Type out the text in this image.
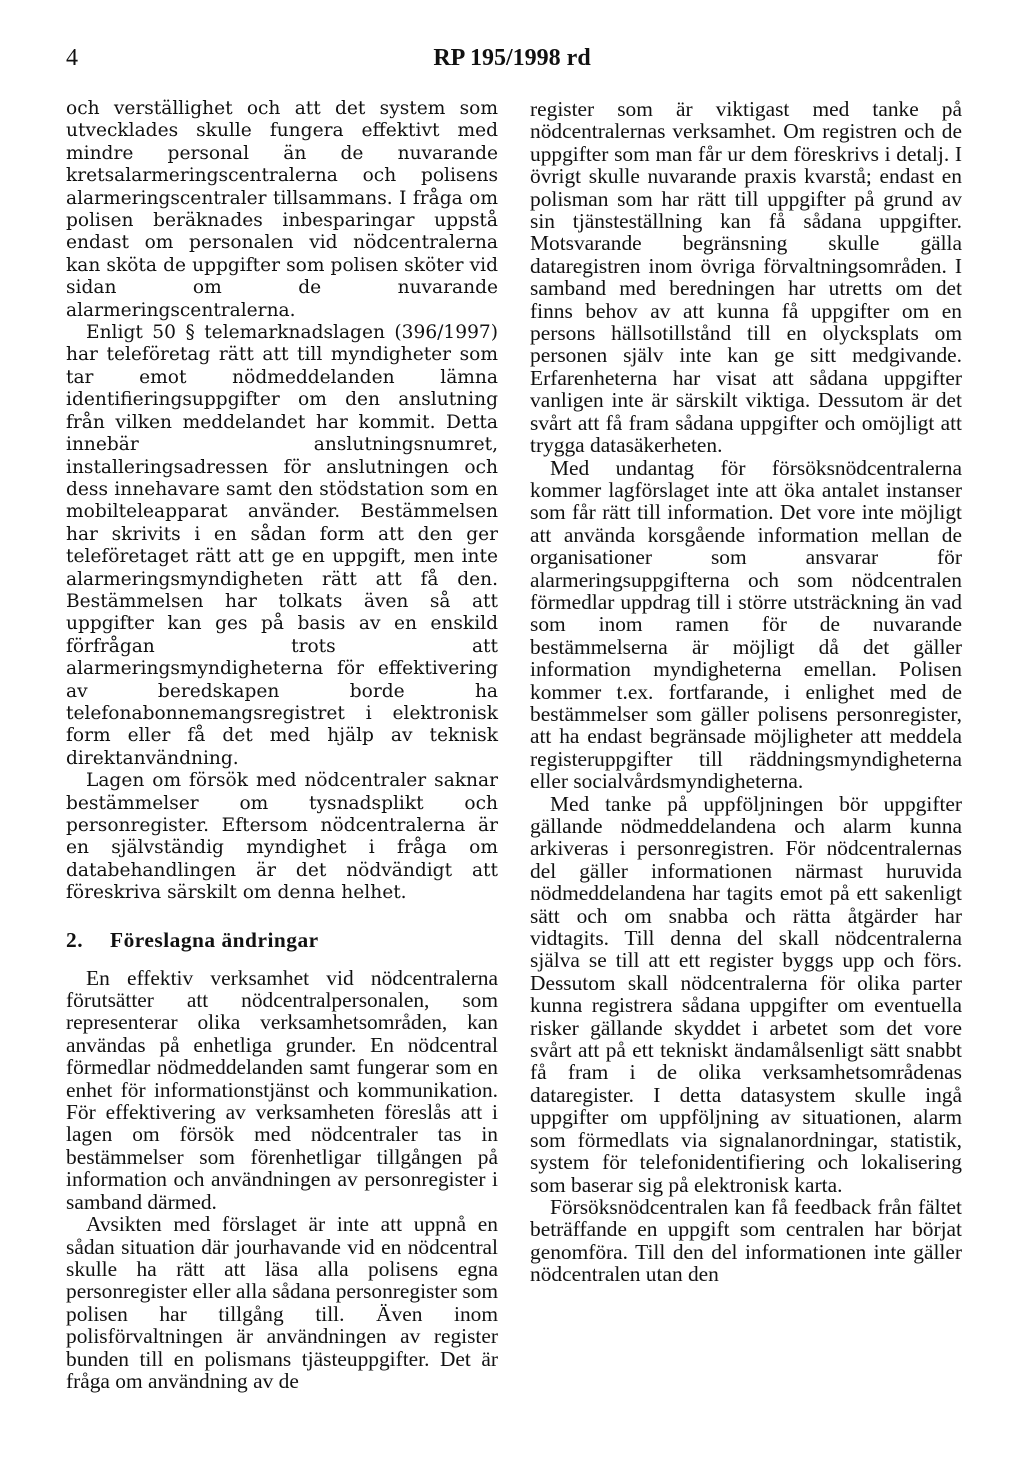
4	RP 195/1998 rd

och verställighet och att det system som utvecklades skulle fungera effektivt med mindre personal än de nuvarande kretsalarmeringscentralerna och polisens alarmeringscentraler tillsammans. I fråga om polisen beräknades inbesparingar uppstå endast om personalen vid nödcentralerna kan sköta de uppgifter som polisen sköter vid sidan om de nuvarande alarmeringscentralerna.

Enligt 50 § telemarknadslagen (396/1997) har teleföretag rätt att till myndigheter som tar emot nödmeddelanden lämna identifieringsuppgifter om den anslutning från vilken meddelandet har kommit. Detta innebär anslutningsnumret, installeringsadressen för anslutningen och dess innehavare samt den stödstation som en mobilteleapparat använder. Bestämmelsen har skrivits i en sådan form att den ger teleföretaget rätt att ge en uppgift, men inte alarmeringsmyndigheten rätt att få den. Bestämmelsen har tolkats även så att uppgifter kan ges på basis av en enskild förfrågan trots att alarmeringsmyndigheterna för effektivering av beredskapen borde ha telefonabonnemangsregistret i elektronisk form eller få det med hjälp av teknisk direktanvändning.

Lagen om försök med nödcentraler saknar bestämmelser om tysnadsplikt och personregister. Eftersom nödcentralerna är en självständig myndighet i fråga om databehandlingen är det nödvändigt att föreskriva särskilt om denna helhet.

2.	Föreslagna ändringar

En effektiv verksamhet vid nödcentralerna förutsätter att nödcentralpersonalen, som representerar olika verksamhetsområden, kan användas på enhetliga grunder. En nödcentral förmedlar nödmeddelanden samt fungerar som en enhet för informationstjänst och kommunikation. För effektivering av verksamheten föreslås att i lagen om försök med nödcentraler tas in bestämmelser som förenhetligar tillgången på information och användningen av personregister i samband därmed.

Avsikten med förslaget är inte att uppnå en sådan situation där jourhavande vid en nödcentral skulle ha rätt att läsa alla polisens egna personregister eller alla sådana personregister som polisen har tillgång till. Även inom polisförvaltningen är användningen av register bunden till en polismans tjästeuppgifter. Det är fråga om användning av de

register som är viktigast med tanke på nödcentralernas verksamhet. Om registren och de uppgifter som man får ur dem föreskrivs i detalj. I övrigt skulle nuvarande praxis kvarstå; endast en polisman som har rätt till uppgifter på grund av sin tjänsteställning kan få sådana uppgifter. Motsvarande begränsning skulle gälla dataregistren inom övriga förvaltningsområden. I samband med beredningen har utretts om det finns behov av att kunna få uppgifter om en persons hällsotillstånd till en olycksplats om personen själv inte kan ge sitt medgivande. Erfarenheterna har visat att sådana uppgifter vanligen inte är särskilt viktiga. Dessutom är det svårt att få fram sådana uppgifter och omöjligt att trygga datasäkerheten.

Med undantag för försöksnödcentralerna kommer lagförslaget inte att öka antalet instanser som får rätt till information. Det vore inte möjligt att använda korsgående information mellan de organisationer som ansvarar för alarmeringsuppgifterna och som nödcentralen förmedlar uppdrag till i större utsträckning än vad som inom ramen för de nuvarande bestämmelserna är möjligt då det gäller information myndigheterna emellan. Polisen kommer t.ex. fortfarande, i enlighet med de bestämmelser som gäller polisens personregister, att ha endast begränsade möjligheter att meddela registeruppgifter till räddningsmyndigheterna eller socialvårdsmyndigheterna.

Med tanke på uppföljningen bör uppgifter gällande nödmeddelandena och alarm kunna arkiveras i personregistren. För nödcentralernas del gäller informationen närmast huruvida nödmeddelandena har tagits emot på ett sakenligt sätt och om snabba och rätta åtgärder har vidtagits. Till denna del skall nödcentralerna själva se till att ett register byggs upp och förs. Dessutom skall nödcentralerna för olika parter kunna registrera sådana uppgifter om eventuella risker gällande skyddet i arbetet som det vore svårt att på ett tekniskt ändamålsenligt sätt snabbt få fram i de olika verksamhetsområdenas dataregister. I detta datasystem skulle ingå uppgifter om uppföljning av situationen, alarm som förmedlats via signalanordningar, statistik, system för telefonidentifiering och lokalisering som baserar sig på elektronisk karta.

Försöksnödcentralen kan få feedback från fältet beträffande en uppgift som centralen har börjat genomföra. Till den del informationen inte gäller nödcentralen utan den
